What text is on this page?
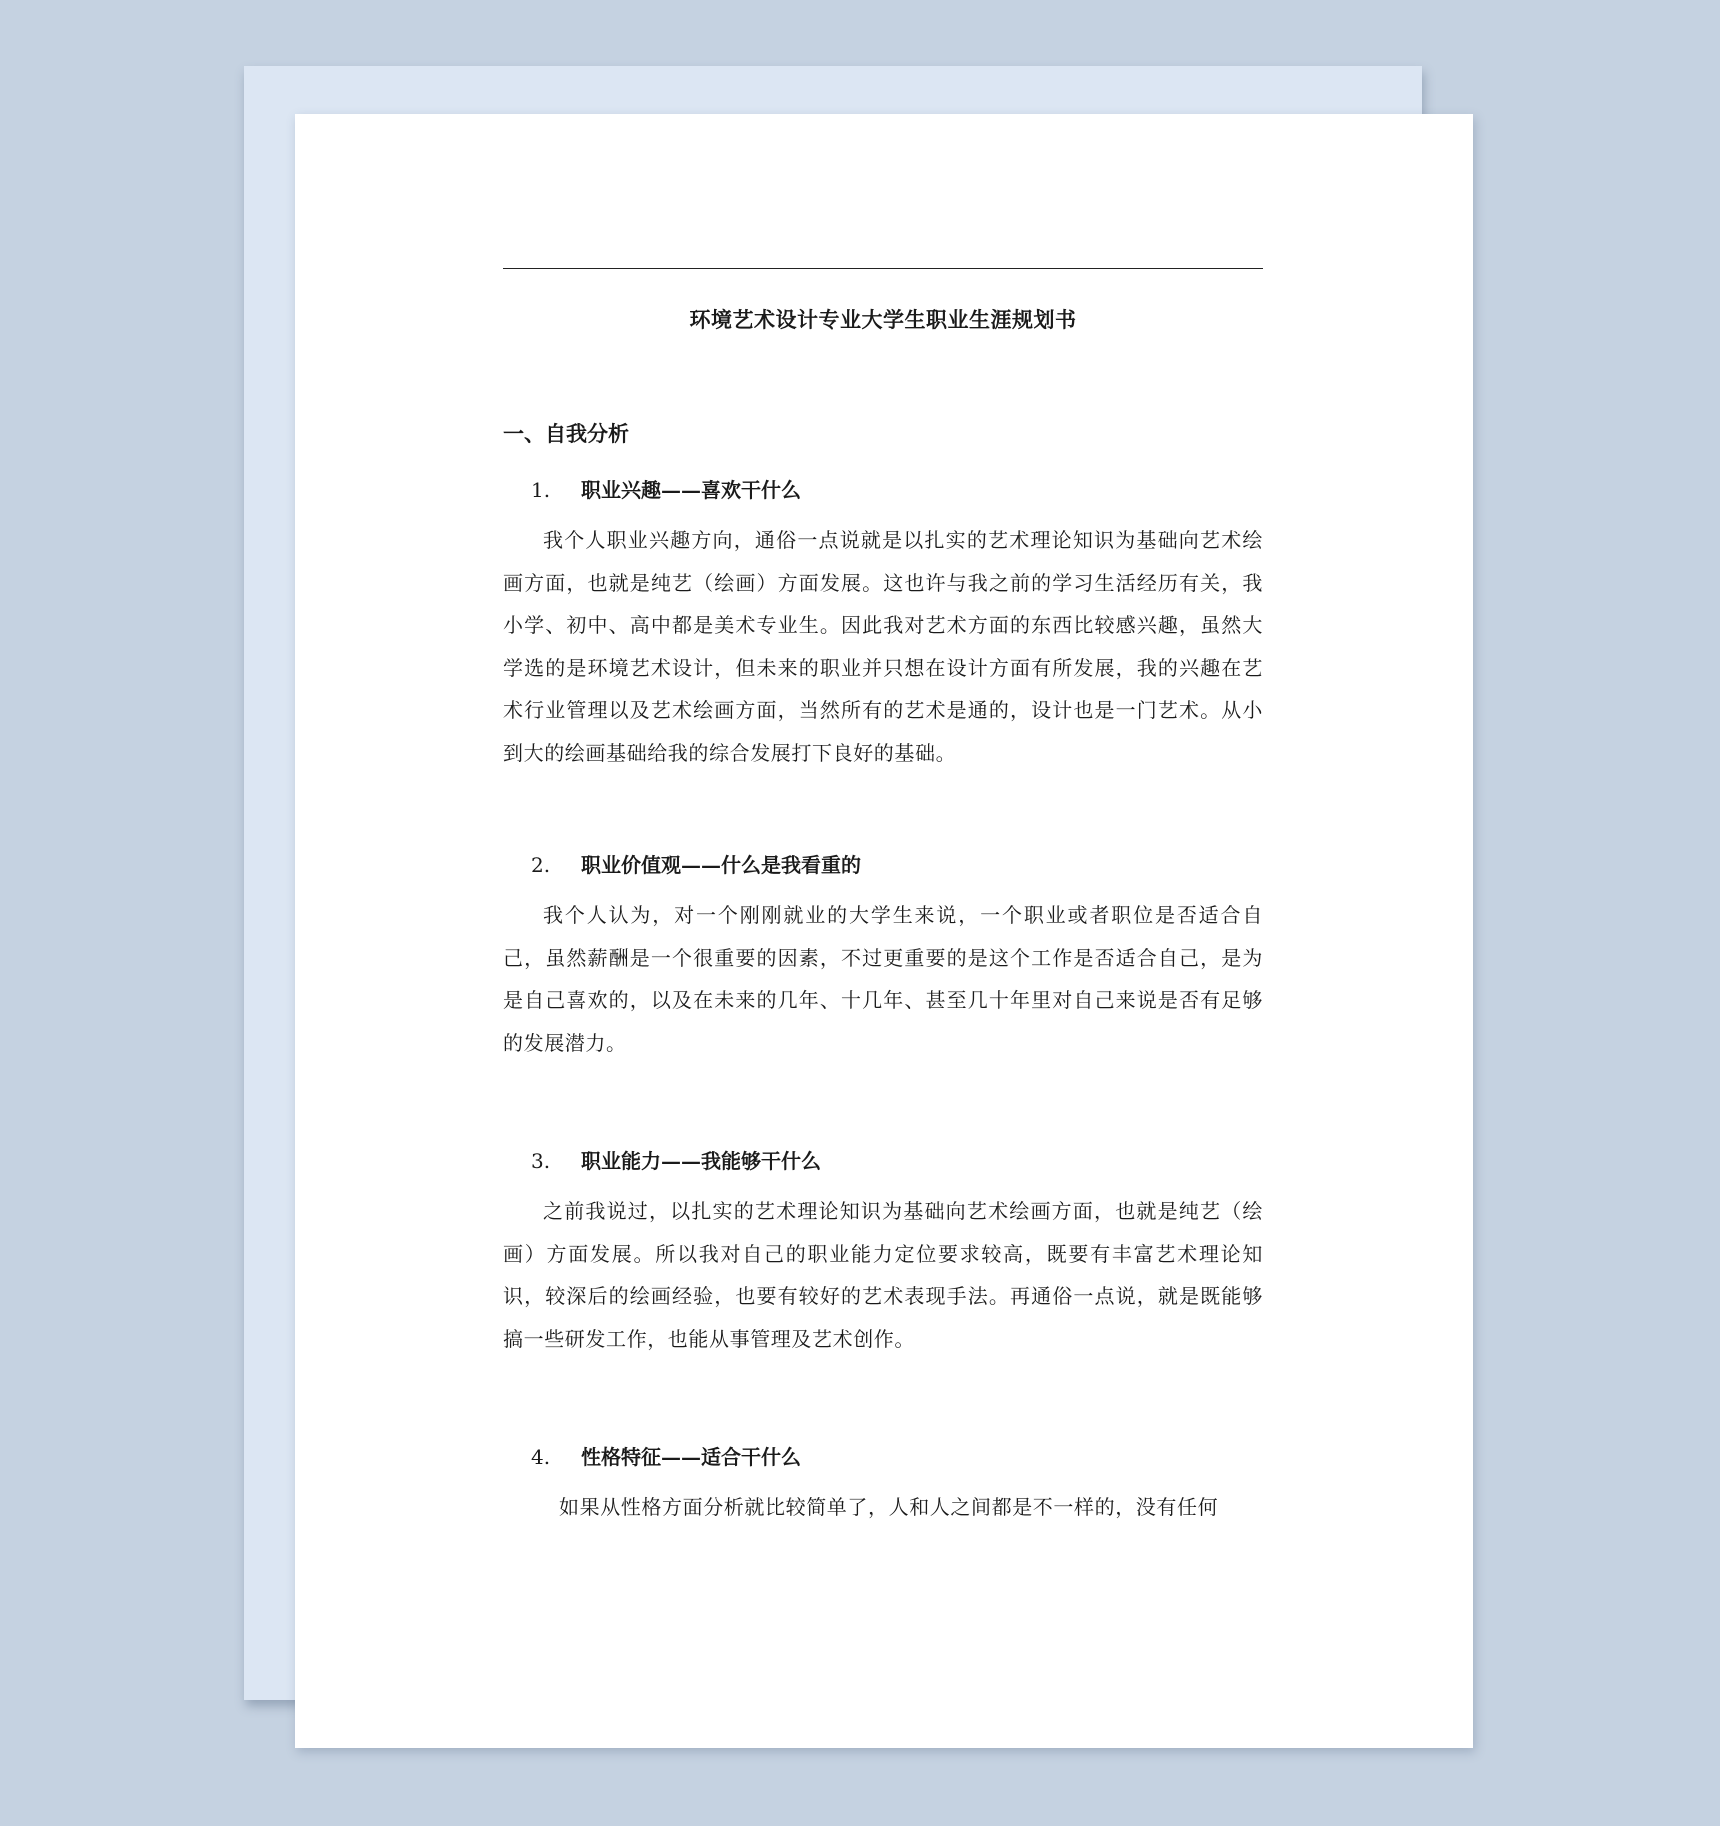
环境艺术设计专业大学生职业生涯规划书
一、自我分析
1.	职业兴趣——喜欢干什么

我个人职业兴趣方向，通俗一点说就是以扎实的艺术理论知识为基础向艺术绘画方面，也就是纯艺（绘画）方面发展。这也许与我之前的学习生活经历有关，我小学、初中、高中都是美术专业生。因此我对艺术方面的东西比较感兴趣，虽然大学选的是环境艺术设计，但未来的职业并只想在设计方面有所发展，我的兴趣在艺术行业管理以及艺术绘画方面，当然所有的艺术是通的，设计也是一门艺术。从小到大的绘画基础给我的综合发展打下良好的基础。

2.	职业价值观——什么是我看重的

我个人认为，对一个刚刚就业的大学生来说，一个职业或者职位是否适合自己，虽然薪酬是一个很重要的因素，不过更重要的是这个工作是否适合自己，是为是自己喜欢的，以及在未来的几年、十几年、甚至几十年里对自己来说是否有足够的发展潜力。

3.	职业能力——我能够干什么

之前我说过，以扎实的艺术理论知识为基础向艺术绘画方面，也就是纯艺（绘画）方面发展。所以我对自己的职业能力定位要求较高，既要有丰富艺术理论知识，较深后的绘画经验，也要有较好的艺术表现手法。再通俗一点说，就是既能够搞一些研发工作，也能从事管理及艺术创作。

4.	性格特征——适合干什么

如果从性格方面分析就比较简单了，人和人之间都是不一样的，没有任何
